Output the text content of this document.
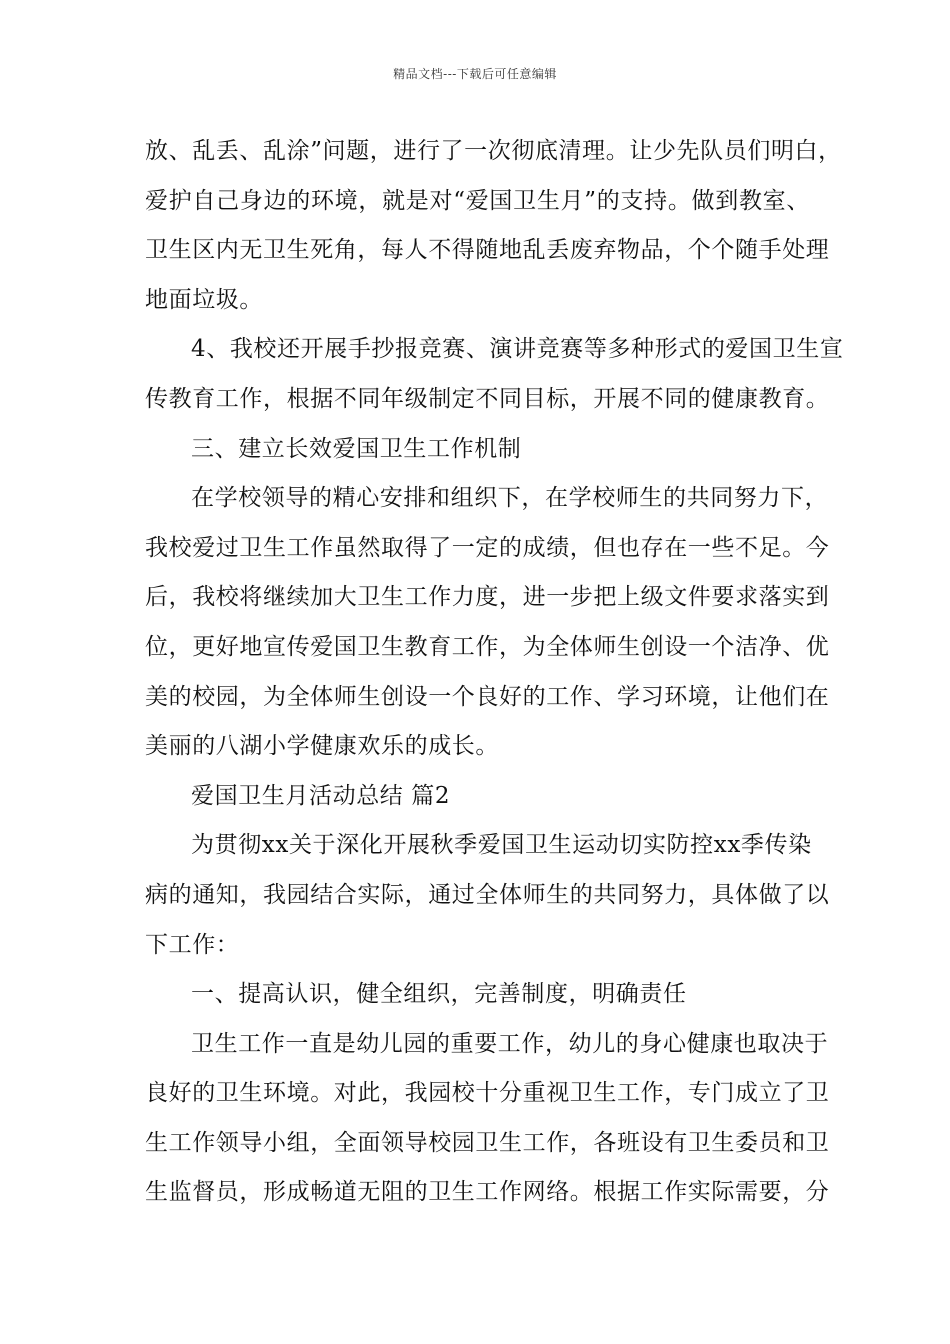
精品文档---下载后可任意编辑
放、乱丢、乱涂”问题，进行了一次彻底清理。让少先队员们明白，
爱护自己身边的环境，就是对“爱国卫生月”的支持。做到教室、
卫生区内无卫生死角，每人不得随地乱丢废弃物品，个个随手处理
地面垃圾。
4、我校还开展手抄报竞赛、演讲竞赛等多种形式的爱国卫生宣
传教育工作，根据不同年级制定不同目标，开展不同的健康教育。
三、建立长效爱国卫生工作机制
在学校领导的精心安排和组织下，在学校师生的共同努力下，
我校爱过卫生工作虽然取得了一定的成绩，但也存在一些不足。今
后，我校将继续加大卫生工作力度，进一步把上级文件要求落实到
位，更好地宣传爱国卫生教育工作，为全体师生创设一个洁净、优
美的校园，为全体师生创设一个良好的工作、学习环境，让他们在
美丽的八湖小学健康欢乐的成长。
爱国卫生月活动总结 篇2
为贯彻xx关于深化开展秋季爱国卫生运动切实防控xx季传染
病的通知，我园结合实际，通过全体师生的共同努力，具体做了以
下工作：
一、提高认识，健全组织，完善制度，明确责任
卫生工作一直是幼儿园的重要工作，幼儿的身心健康也取决于
良好的卫生环境。对此，我园校十分重视卫生工作，专门成立了卫
生工作领导小组，全面领导校园卫生工作，各班设有卫生委员和卫
生监督员，形成畅道无阻的卫生工作网络。根据工作实际需要，分
